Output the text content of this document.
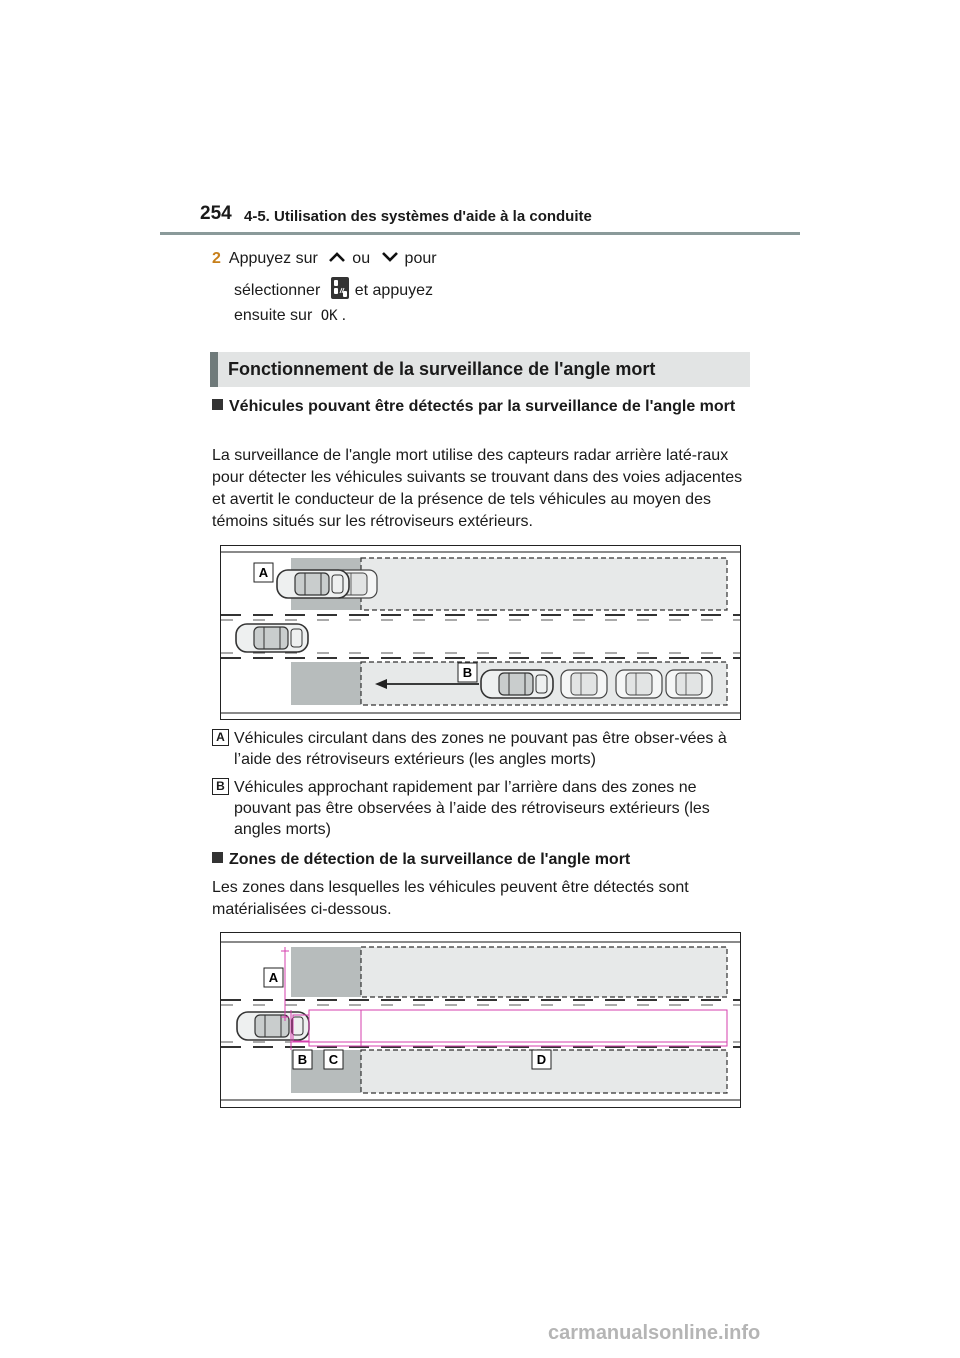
254 4-5. Utilisation des systèmes d'aide à la conduite
2 Appuyez sur ou pour
sélectionner et appuyez
ensuite sur OK .
Fonctionnement de la surveillance de l'angle mort
Véhicules pouvant être détectés par la surveillance de l'angle mort
La surveillance de l'angle mort utilise des capteurs radar arrière laté-raux pour détecter les véhicules suivants se trouvant dans des voies adjacentes et avertit le conducteur de la présence de tels véhicules au moyen des témoins situés sur les rétroviseurs extérieurs.
A
B
A Véhicules circulant dans des zones ne pouvant pas être obser-vées à l’aide des rétroviseurs extérieurs (les angles morts)
B Véhicules approchant rapidement par l’arrière dans des zones ne pouvant pas être observées à l’aide des rétroviseurs extérieurs (les angles morts)
Zones de détection de la surveillance de l'angle mort
Les zones dans lesquelles les véhicules peuvent être détectés sont matérialisées ci-dessous.
A
B C	D
carmanualsonline.info
